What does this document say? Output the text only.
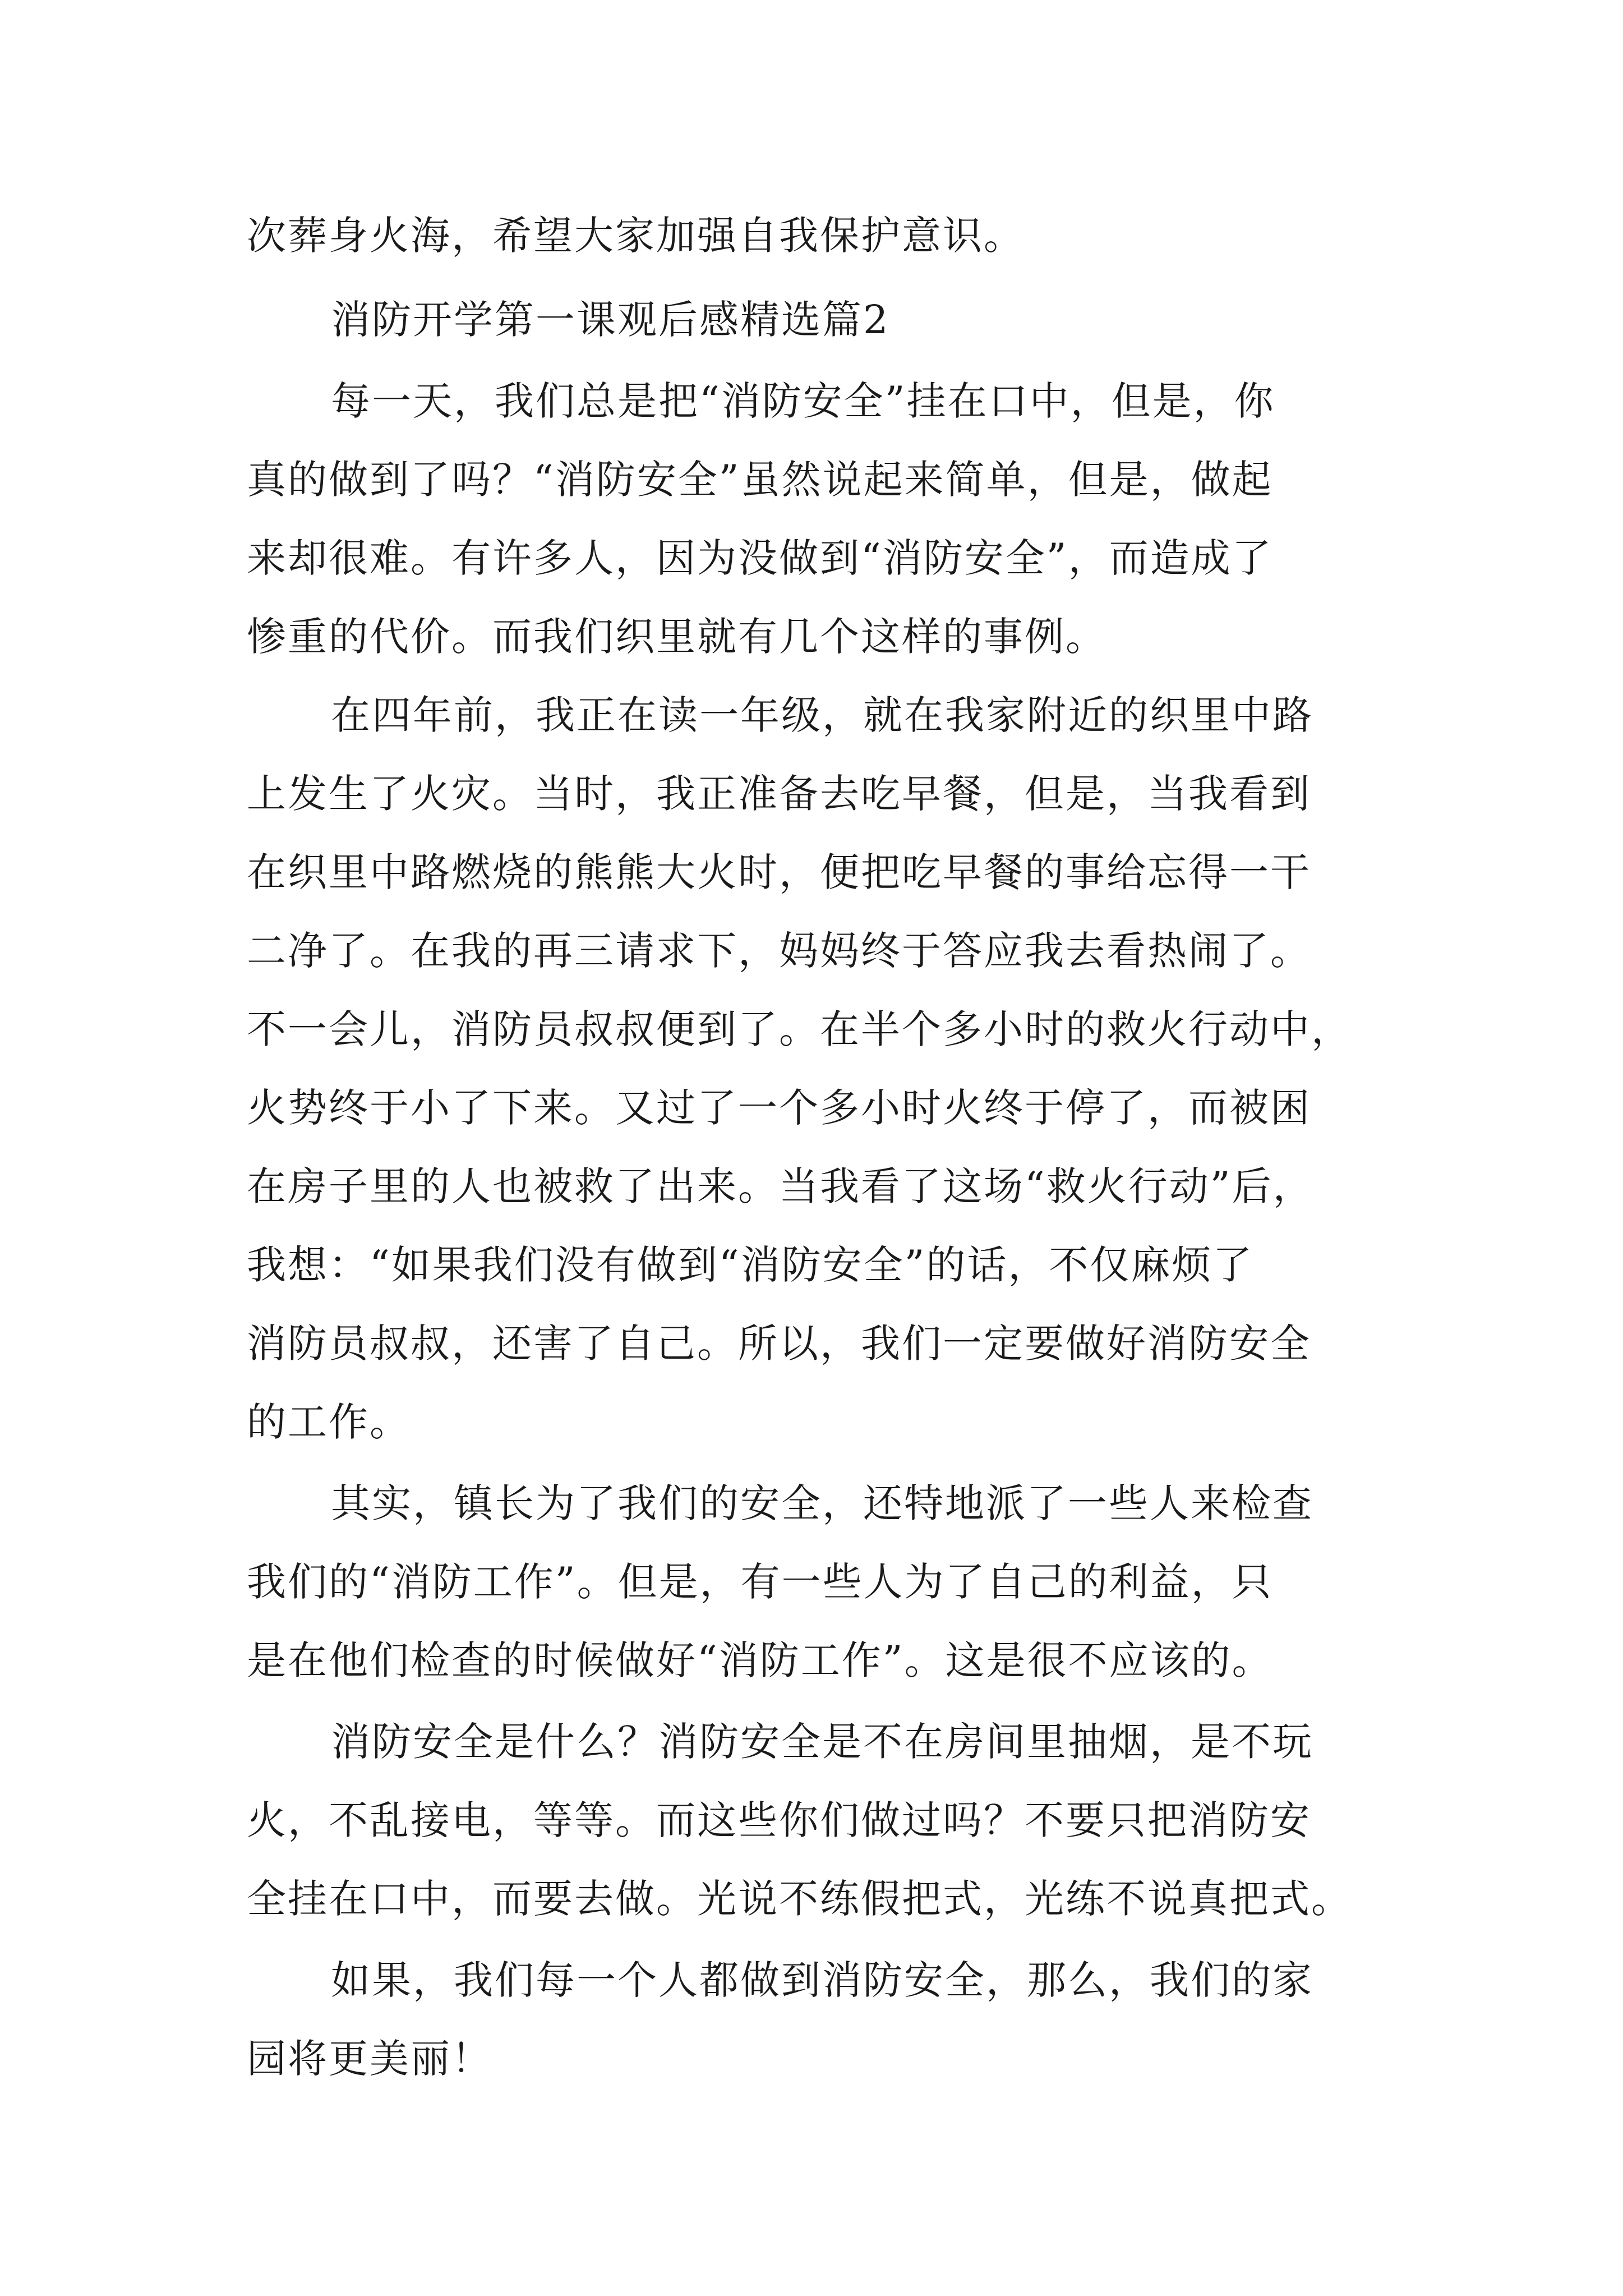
次葬身火海，希望大家加强自我保护意识。
消防开学第一课观后感精选篇2
每一天，我们总是把“消防安全”挂在口中，但是，你
真的做到了吗？“消防安全”虽然说起来简单，但是，做起
来却很难。有许多人，因为没做到“消防安全”，而造成了
惨重的代价。而我们织里就有几个这样的事例。
在四年前，我正在读一年级，就在我家附近的织里中路
上发生了火灾。当时，我正准备去吃早餐，但是，当我看到
在织里中路燃烧的熊熊大火时，便把吃早餐的事给忘得一干
二净了。在我的再三请求下，妈妈终于答应我去看热闹了。
不一会儿，消防员叔叔便到了。在半个多小时的救火行动中，
火势终于小了下来。又过了一个多小时火终于停了，而被困
在房子里的人也被救了出来。当我看了这场“救火行动”后，
我想：“如果我们没有做到“消防安全”的话，不仅麻烦了
消防员叔叔，还害了自己。所以，我们一定要做好消防安全
的工作。
其实，镇长为了我们的安全，还特地派了一些人来检查
我们的“消防工作”。但是，有一些人为了自己的利益，只
是在他们检查的时候做好“消防工作”。这是很不应该的。
消防安全是什么？消防安全是不在房间里抽烟，是不玩
火，不乱接电，等等。而这些你们做过吗？不要只把消防安
全挂在口中，而要去做。光说不练假把式，光练不说真把式。
如果，我们每一个人都做到消防安全，那么，我们的家
园将更美丽！
